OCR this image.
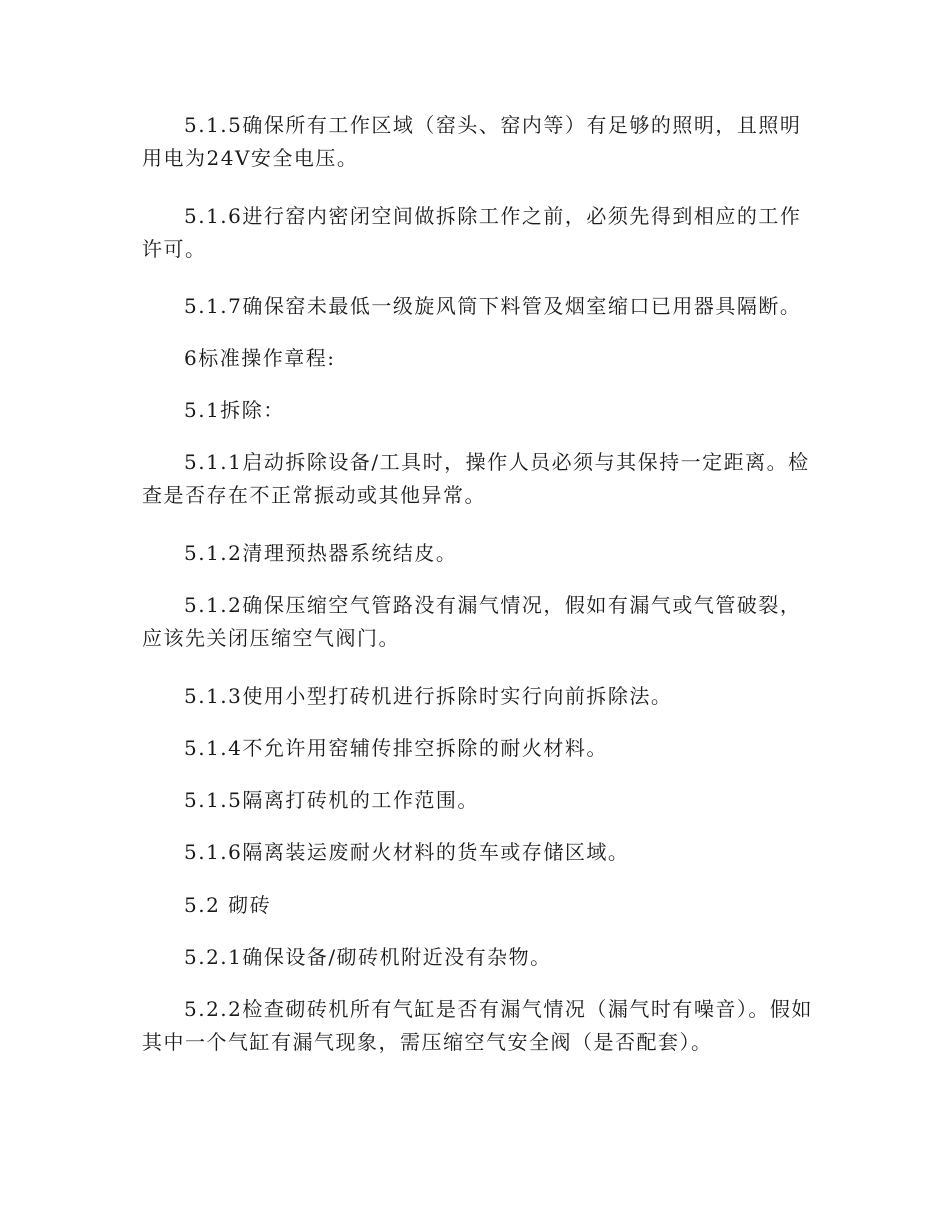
5.1.5确保所有工作区域（窑头、窑内等）有足够的照明，且照明用电为24V安全电压。

5.1.6进行窑内密闭空间做拆除工作之前，必须先得到相应的工作许可。

5.1.7确保窑未最低一级旋风筒下料管及烟室缩口已用器具隔断。

6标准操作章程:

5.1拆除：

5.1.1启动拆除设备/工具时，操作人员必须与其保持一定距离。检查是否存在不正常振动或其他异常。

5.1.2清理预热器系统结皮。

5.1.2确保压缩空气管路没有漏气情况，假如有漏气或气管破裂，应该先关闭压缩空气阀门。

5.1.3使用小型打砖机进行拆除时实行向前拆除法。

5.1.4不允许用窑辅传排空拆除的耐火材料。

5.1.5隔离打砖机的工作范围。

5.1.6隔离装运废耐火材料的货车或存储区域。

5.2 砌砖

5.2.1确保设备/砌砖机附近没有杂物。

5.2.2检查砌砖机所有气缸是否有漏气情况（漏气时有噪音）。假如其中一个气缸有漏气现象，需压缩空气安全阀（是否配套）。
